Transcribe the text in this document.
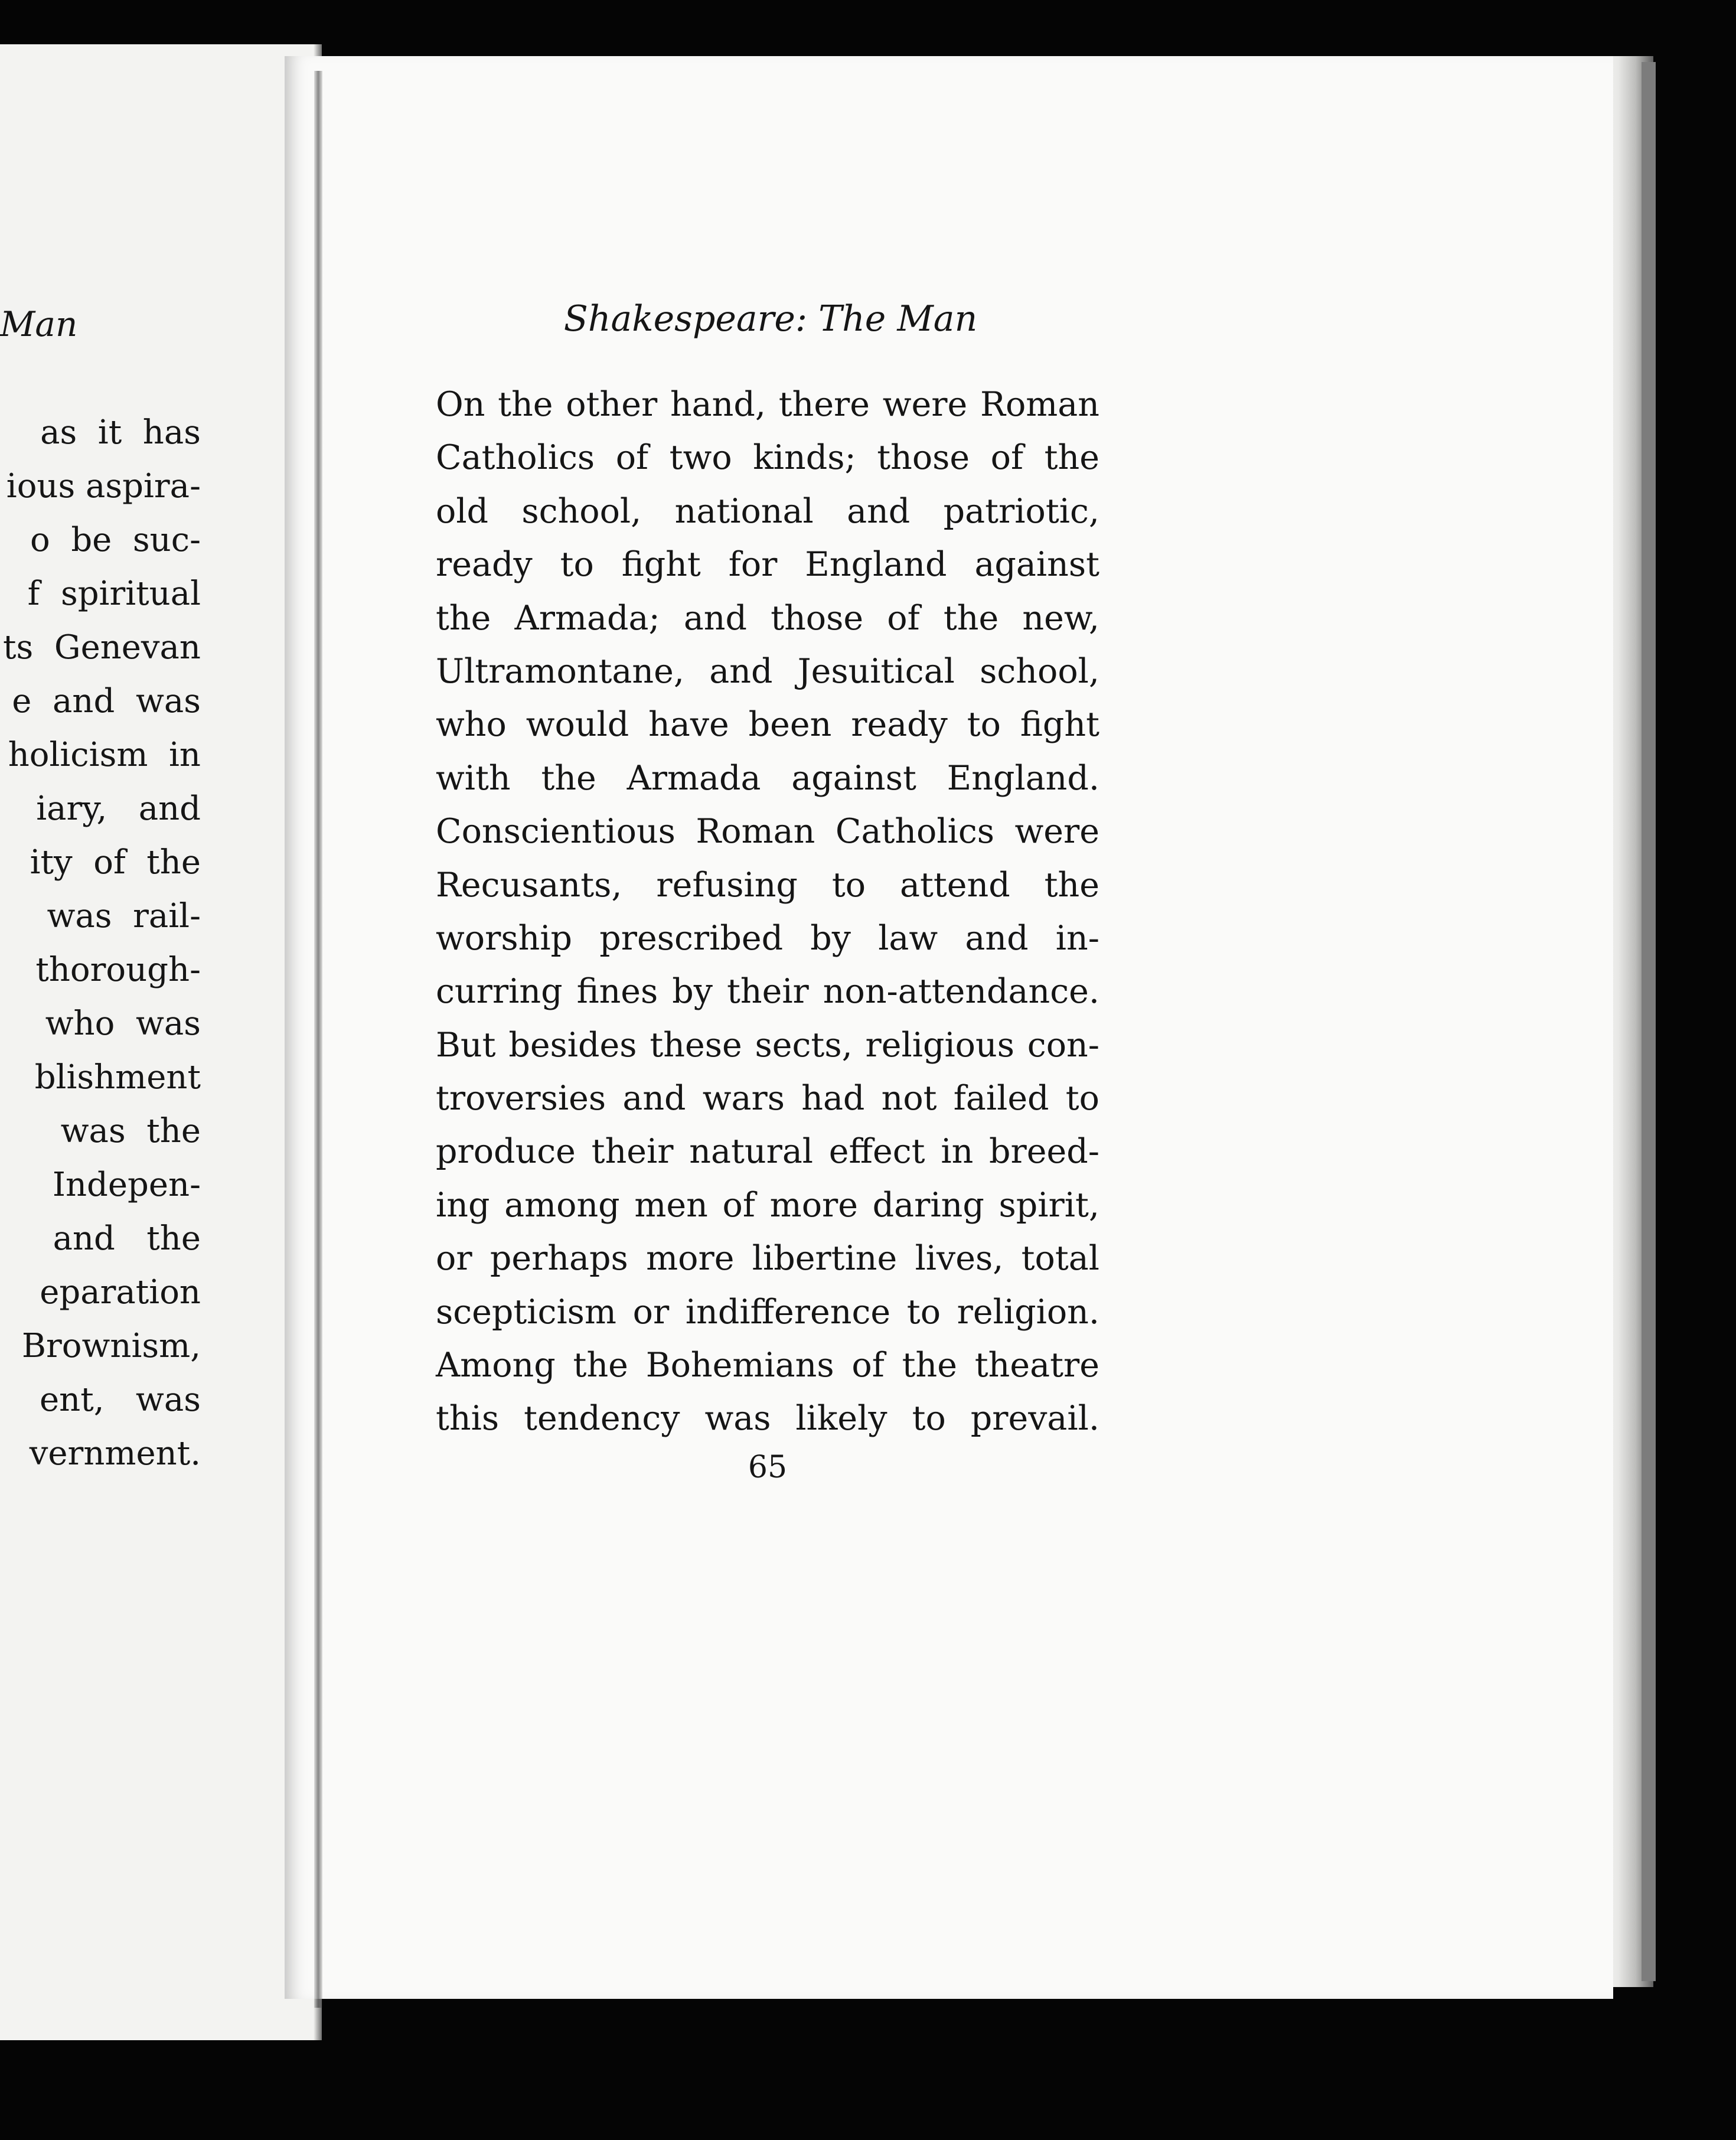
Man
as  it  has
ious aspira-
o  be  suc-
f  spiritual
ts  Genevan
e  and  was
holicism  in
iary,   and
ity  of  the
was  rail-
thorough-
who  was
blishment
was  the
Indepen-
and   the
eparation
Brownism,
ent,   was
vernment.
Shakespeare: The Man
On the other hand, there were Roman
Catholics of two kinds; those of the
old school, national and patriotic,
ready to fight for England against
the Armada; and those of the new,
Ultramontane, and Jesuitical school,
who would have been ready to fight
with the Armada against England.
Conscientious Roman Catholics were
Recusants, refusing to attend the
worship prescribed by law and in-
curring fines by their non-attendance.
But besides these sects, religious con-
troversies and wars had not failed to
produce their natural effect in breed-
ing among men of more daring spirit,
or perhaps more libertine lives, total
scepticism or indifference to religion.
Among the Bohemians of the theatre
this tendency was likely to prevail.
65
